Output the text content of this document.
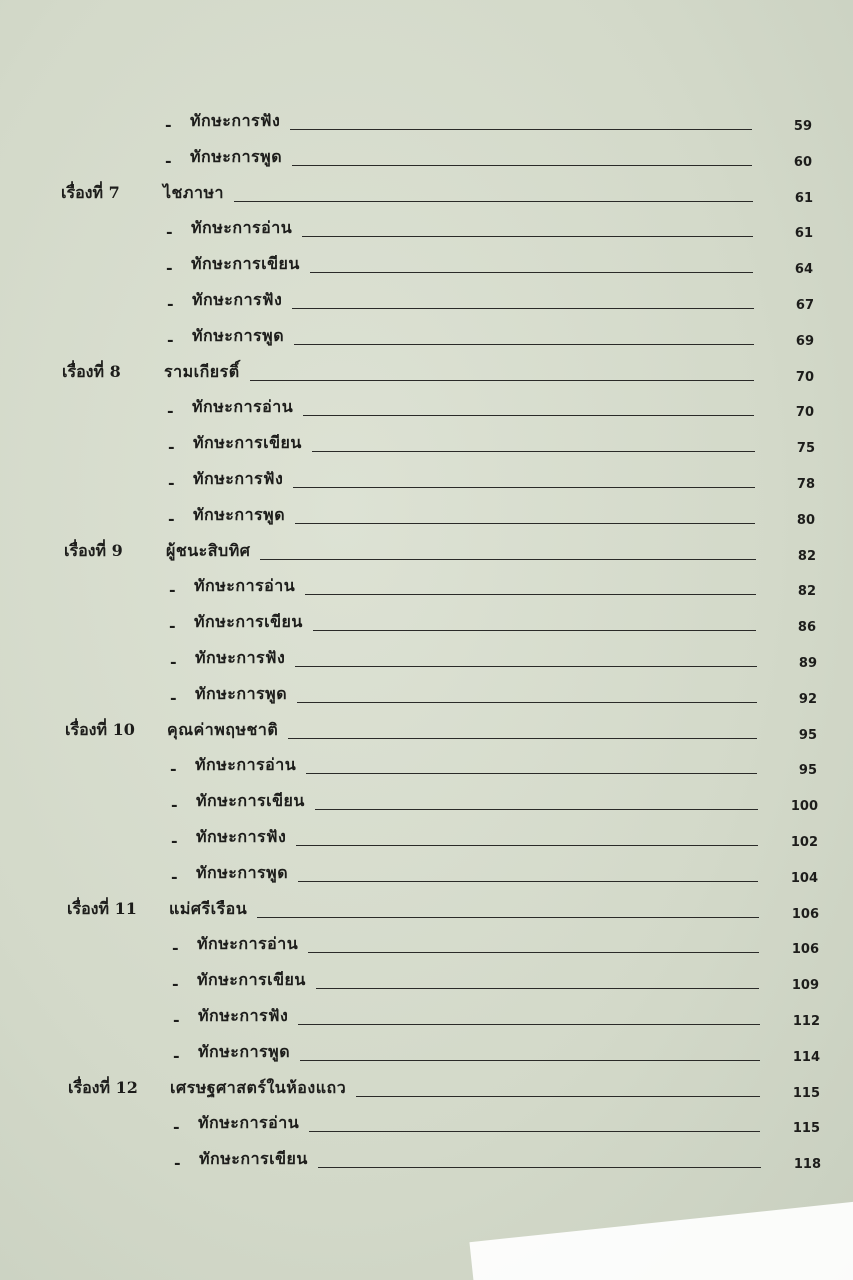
- ทักษะการฟัง	59
- ทักษะการพูด	60
เรื่องที่ 7	ไชภาษา	61
- ทักษะการอ่าน	61
- ทักษะการเขียน	64
- ทักษะการฟัง	67
- ทักษะการพูด	69
เรื่องที่ 8	รามเกียรติ์	70
- ทักษะการอ่าน	70
- ทักษะการเขียน	75
- ทักษะการฟัง	78
- ทักษะการพูด	80
เรื่องที่ 9	ผู้ชนะสิบทิศ	82
- ทักษะการอ่าน	82
- ทักษะการเขียน	86
- ทักษะการฟัง	89
- ทักษะการพูด	92
เรื่องที่ 10 คุณค่าพฤษชาติ	95
- ทักษะการอ่าน	95
- ทักษะการเขียน	100
- ทักษะการฟัง	102
- ทักษะการพูด	104
เรื่องที่ 11 แม่ศรีเรือน	106
- ทักษะการอ่าน	106
- ทักษะการเขียน	109
- ทักษะการฟัง	112
- ทักษะการพูด	114
เรื่องที่ 12 เศรษฐศาสตร์ในห้องแถว	115
- ทักษะการอ่าน	115
- ทักษะการเขียน	118
